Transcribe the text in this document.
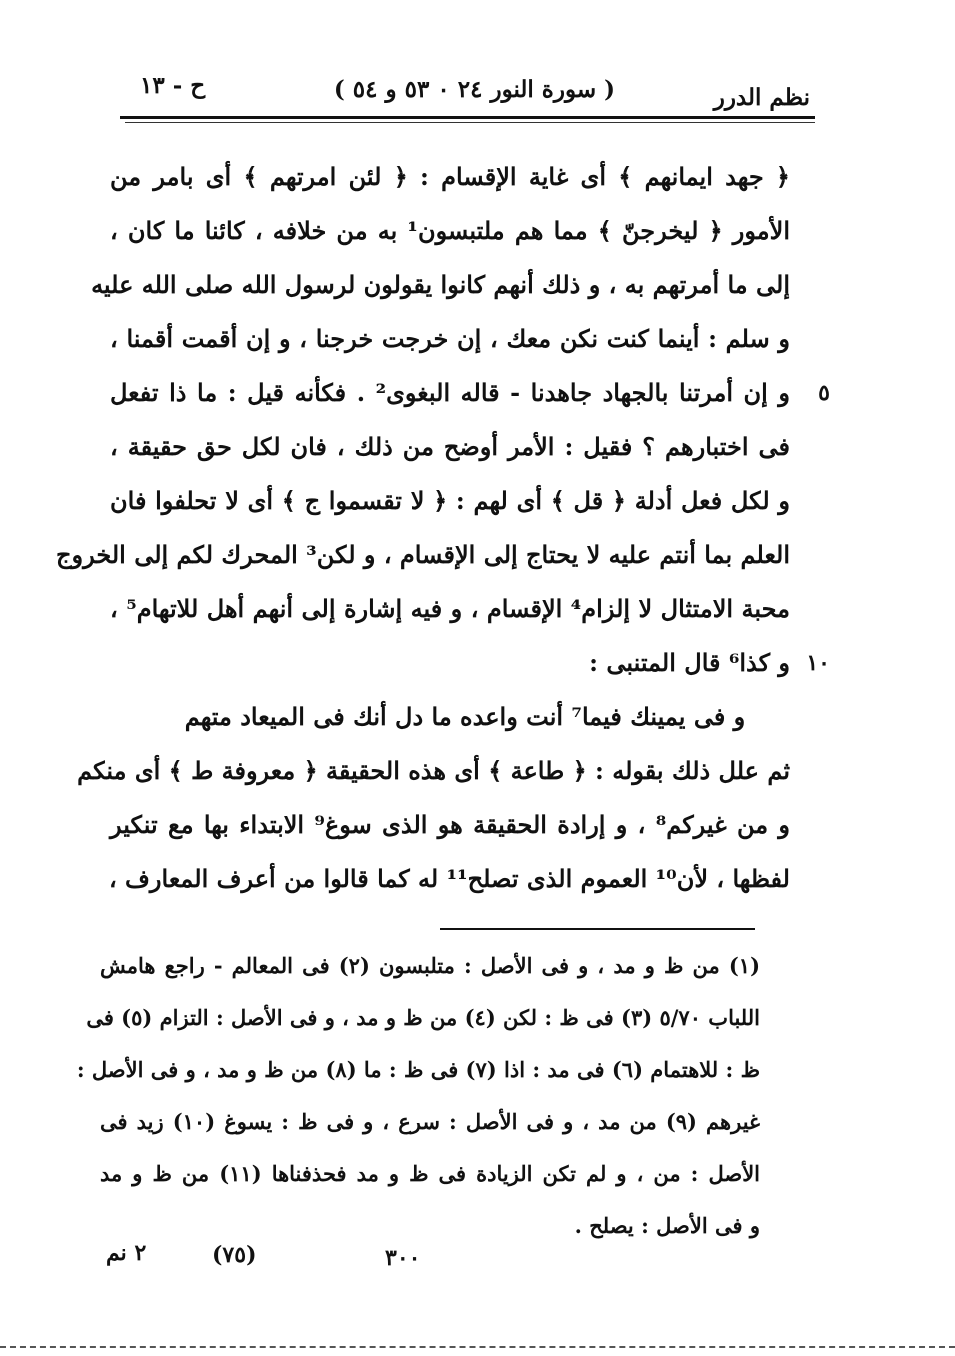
نظم الدرر
( سورة النور ٢٤ ٠ ٥٣ و ٥٤ )
ح - ١٣
﴿ جهد ايمانهم ﴾ أى غاية الإقسام : ﴿ لئن امرتهم ﴾ أى بامر من
الأمور ﴿ ليخرجنّ ﴾ مما هم ملتبسون¹ به من خلافه ، كائنا ما كان ،
إلى ما أمرتهم به ، و ذلك أنهم كانوا يقولون لرسول الله صلى الله عليه
و سلم : أينما كنت نكن معك ، إن خرجت خرجنا ، و إن أقمت أقمنا ،
٥
و إن أمرتنا بالجهاد جاهدنا - قاله البغوى² . فكأنه قيل : ما ذا تفعل
فى اختبارهم ؟ فقيل : الأمر أوضح من ذلك ، فان لكل حق حقيقة ،
و لكل فعل أدلة ﴿ قل ﴾ أى لهم : ﴿ لا تقسموا ج ﴾ أى لا تحلفوا فان
العلم بما أنتم عليه لا يحتاج إلى الإقسام ، و لكن³ المحرك لكم إلى الخروج
محبة الامتثال لا إلزام⁴ الإقسام ، و فيه إشارة إلى أنهم أهل للاتهام⁵ ،
١٠
و كذا⁶ قال المتنبى :
و فى يمينك فيما⁷ أنت واعده ما دل أنك فى الميعاد متهم
ثم علل ذلك بقوله : ﴿ طاعة ﴾ أى هذه الحقيقة ﴿ معروفة ط ﴾ أى منكم
و من غيركم⁸ ، و إرادة الحقيقة هو الذى سوغ⁹ الابتداء بها مع تنكير
لفظها ، لأن¹⁰ العموم الذى تصلح¹¹ له كما قالوا من أعرف المعارف ،
(١) من ظ و مد ، و فى الأصل : متلبسون (٢) فى المعالم - راجع هامش
اللباب ٥/٧٠ (٣) فى ظ : لكن (٤) من ظ و مد ، و فى الأصل : التزام (٥) فى
ظ : للاهتمام (٦) فى مد : اذا (٧) فى ظ : ما (٨) من ظ و مد ، و فى الأصل :
غيرهم (٩) من مد ، و فى الأصل : سرع ، و فى ظ : يسوغ (١٠) زيد فى
الأصل : من ، و لم تكن الزيادة فى ظ و مد فحذفناها (١١) من ظ و مد
و فى الأصل : يصلح .
٣٠٠
(٧٥)
٢ نم
